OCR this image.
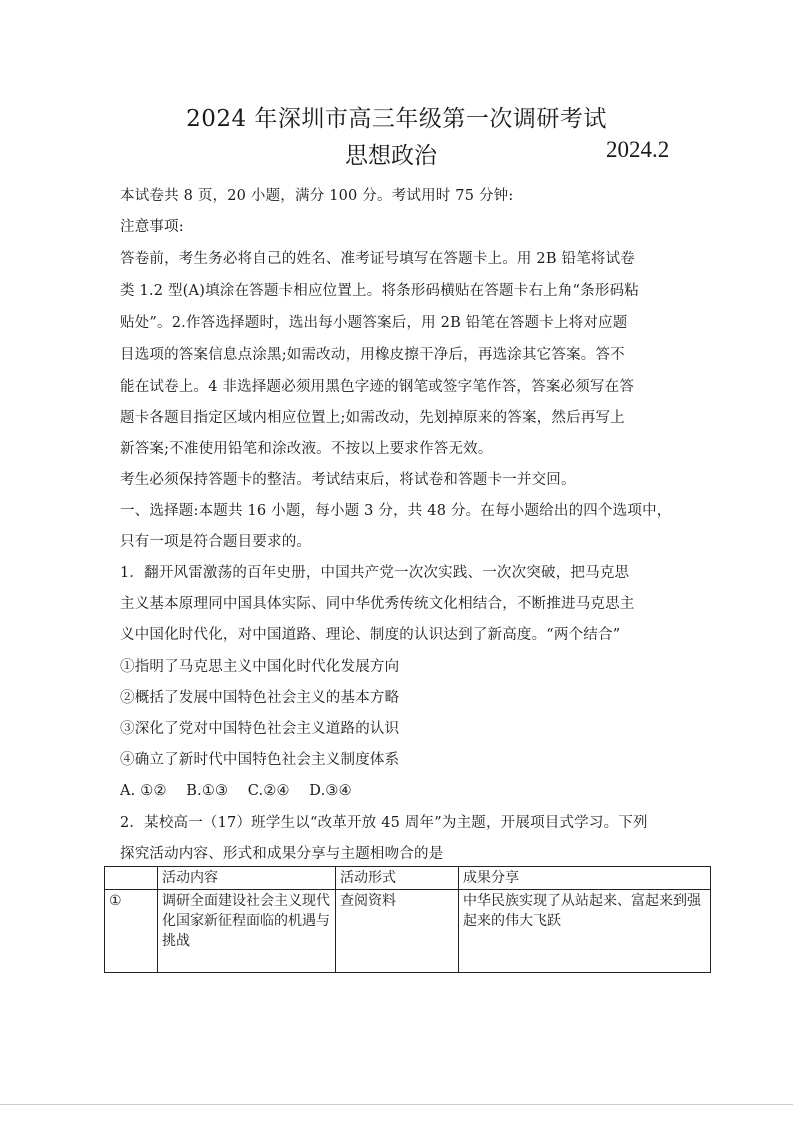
2024 年深圳市高三年级第一次调研考试
思想政治	2024.2
本试卷共 8 页，20 小题，满分 100 分。考试用时 75 分钟:
注意事项:
答卷前，考生务必将自己的姓名、准考证号填写在答题卡上。用 2B 铅笔将试卷
类 1.2 型(A)填涂在答题卡相应位置上。将条形码横贴在答题卡右上角“条形码粘
贴处”。2.作答选择题时，选出每小题答案后，用 2B 铅笔在答题卡上将对应题
目选项的答案信息点涂黑;如需改动，用橡皮擦干净后，再选涂其它答案。答不
能在试卷上。4 非选择题必须用黑色字迹的钢笔或签字笔作答，答案必须写在答
题卡各题目指定区域内相应位置上;如需改动，先划掉原来的答案，然后再写上
新答案;不准使用铅笔和涂改液。不按以上要求作答无效。
考生必须保持答题卡的整洁。考试结束后，将试卷和答题卡一并交回。
一、选择题:本题共 16 小题，每小题 3 分，共 48 分。在每小题给出的四个选项中，
只有一项是符合题目要求的。
1．翻开风雷激荡的百年史册，中国共产党一次次实践、一次次突破，把马克思
主义基本原理同中国具体实际、同中华优秀传统文化相结合，不断推进马克思主
义中国化时代化，对中国道路、理论、制度的认识达到了新高度。“两个结合”
①指明了马克思主义中国化时代化发展方向
②概括了发展中国特色社会主义的基本方略
③深化了党对中国特色社会主义道路的认识
④确立了新时代中国特色社会主义制度体系
A. ①②　 B.①③　 C.②④　 D.③④
2．某校高一（17）班学生以“改革开放 45 周年”为主题，开展项目式学习。下列
探究活动内容、形式和成果分享与主题相吻合的是
	活动内容	活动形式	成果分享
①	调研全面建设社会主义现代化国家新征程面临的机遇与挑战	查阅资料	中华民族实现了从站起来、富起来到强起来的伟大飞跃
